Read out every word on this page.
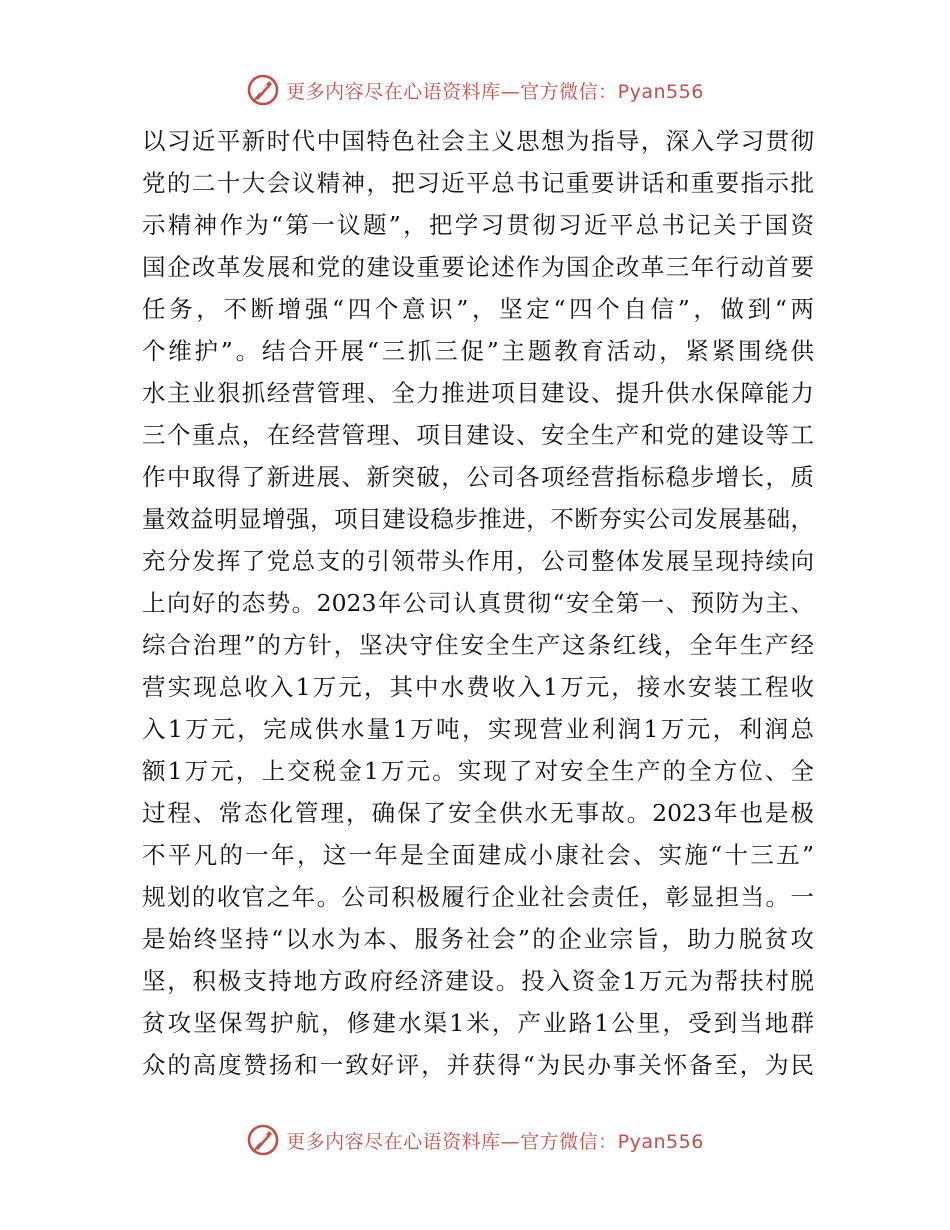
更多内容尽在心语资料库—官方微信：Pyan556
以习近平新时代中国特色社会主义思想为指导，深入学习贯彻
党的二十大会议精神，把习近平总书记重要讲话和重要指示批
示精神作为“第一议题”，把学习贯彻习近平总书记关于国资
国企改革发展和党的建设重要论述作为国企改革三年行动首要
任务，不断增强“四个意识”，坚定“四个自信”，做到“两
个维护”。结合开展“三抓三促”主题教育活动，紧紧围绕供
水主业狠抓经营管理、全力推进项目建设、提升供水保障能力
三个重点，在经营管理、项目建设、安全生产和党的建设等工
作中取得了新进展、新突破，公司各项经营指标稳步增长，质
量效益明显增强，项目建设稳步推进，不断夯实公司发展基础，
充分发挥了党总支的引领带头作用，公司整体发展呈现持续向
上向好的态势。2023年公司认真贯彻“安全第一、预防为主、
综合治理”的方针，坚决守住安全生产这条红线，全年生产经
营实现总收入1万元，其中水费收入1万元，接水安装工程收
入1万元，完成供水量1万吨，实现营业利润1万元，利润总
额1万元，上交税金1万元。实现了对安全生产的全方位、全
过程、常态化管理，确保了安全供水无事故。2023年也是极
不平凡的一年，这一年是全面建成小康社会、实施“十三五”
规划的收官之年。公司积极履行企业社会责任，彰显担当。一
是始终坚持“以水为本、服务社会”的企业宗旨，助力脱贫攻
坚，积极支持地方政府经济建设。投入资金1万元为帮扶村脱
贫攻坚保驾护航，修建水渠1米，产业路1公里，受到当地群
众的高度赞扬和一致好评，并获得“为民办事关怀备至，为民
更多内容尽在心语资料库—官方微信：Pyan556
